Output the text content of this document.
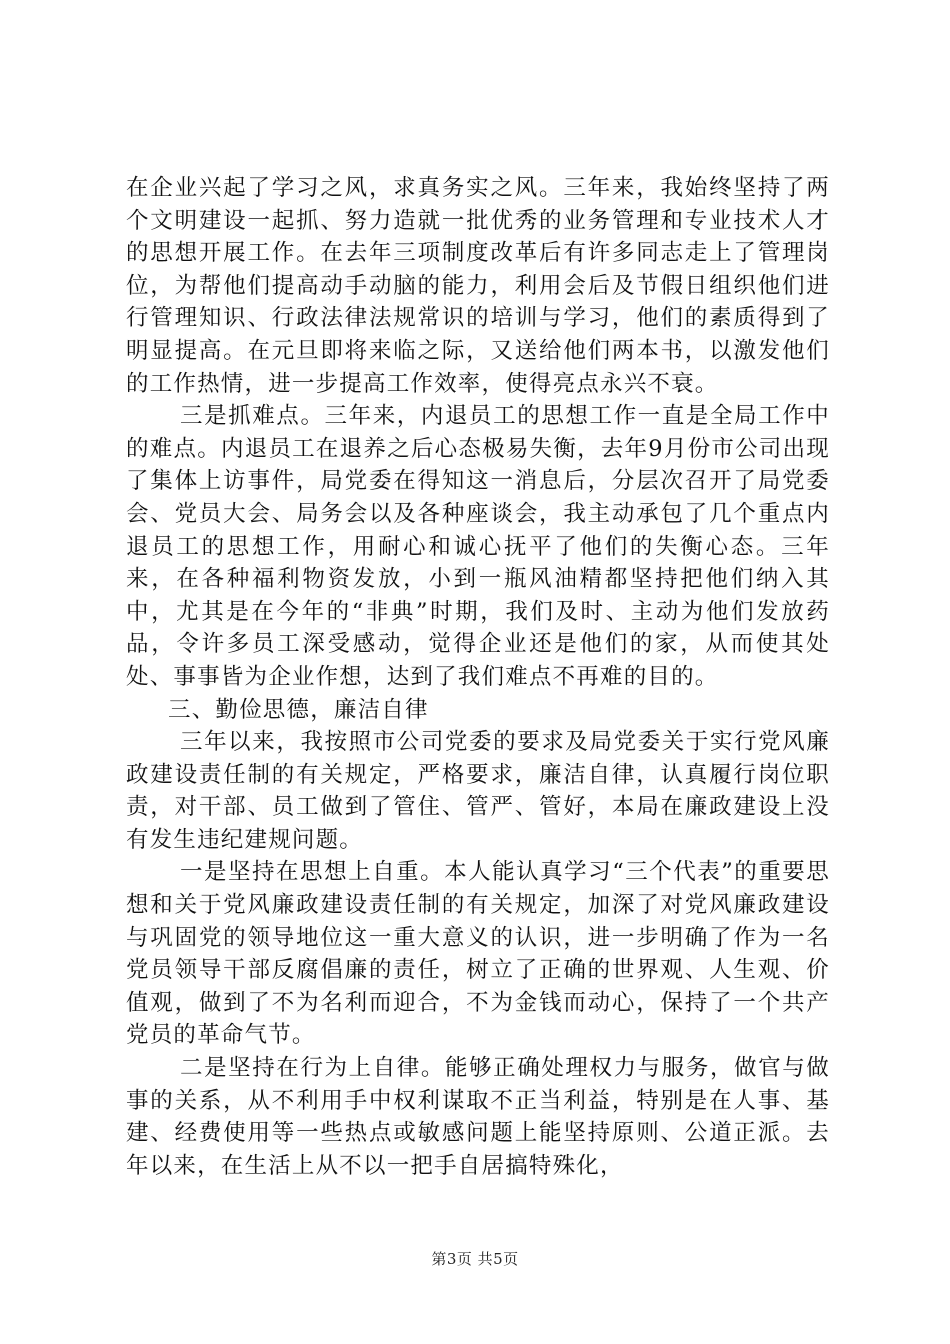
在企业兴起了学习之风，求真务实之风。三年来，我始终坚持了两个文明建设一起抓、努力造就一批优秀的业务管理和专业技术人才的思想开展工作。在去年三项制度改革后有许多同志走上了管理岗位，为帮他们提高动手动脑的能力，利用会后及节假日组织他们进行管理知识、行政法律法规常识的培训与学习，他们的素质得到了明显提高。在元旦即将来临之际，又送给他们两本书，以激发他们的工作热情，进一步提高工作效率，使得亮点永兴不衰。

三是抓难点。三年来，内退员工的思想工作一直是全局工作中的难点。内退员工在退养之后心态极易失衡，去年9月份市公司出现了集体上访事件，局党委在得知这一消息后，分层次召开了局党委会、党员大会、局务会以及各种座谈会，我主动承包了几个重点内退员工的思想工作，用耐心和诚心抚平了他们的失衡心态。三年来，在各种福利物资发放，小到一瓶风油精都坚持把他们纳入其中，尤其是在今年的“非典”时期，我们及时、主动为他们发放药品，令许多员工深受感动，觉得企业还是他们的家，从而使其处处、事事皆为企业作想，达到了我们难点不再难的目的。

三、勤俭思德，廉洁自律

三年以来，我按照市公司党委的要求及局党委关于实行党风廉政建设责任制的有关规定，严格要求，廉洁自律，认真履行岗位职责，对干部、员工做到了管住、管严、管好，本局在廉政建设上没有发生违纪建规问题。

一是坚持在思想上自重。本人能认真学习“三个代表”的重要思想和关于党风廉政建设责任制的有关规定，加深了对党风廉政建设与巩固党的领导地位这一重大意义的认识，进一步明确了作为一名党员领导干部反腐倡廉的责任，树立了正确的世界观、人生观、价值观，做到了不为名利而迎合，不为金钱而动心，保持了一个共产党员的革命气节。

二是坚持在行为上自律。能够正确处理权力与服务，做官与做事的关系，从不利用手中权利谋取不正当利益，特别是在人事、基建、经费使用等一些热点或敏感问题上能坚持原则、公道正派。去年以来，在生活上从不以一把手自居搞特殊化，

第3页 共5页
